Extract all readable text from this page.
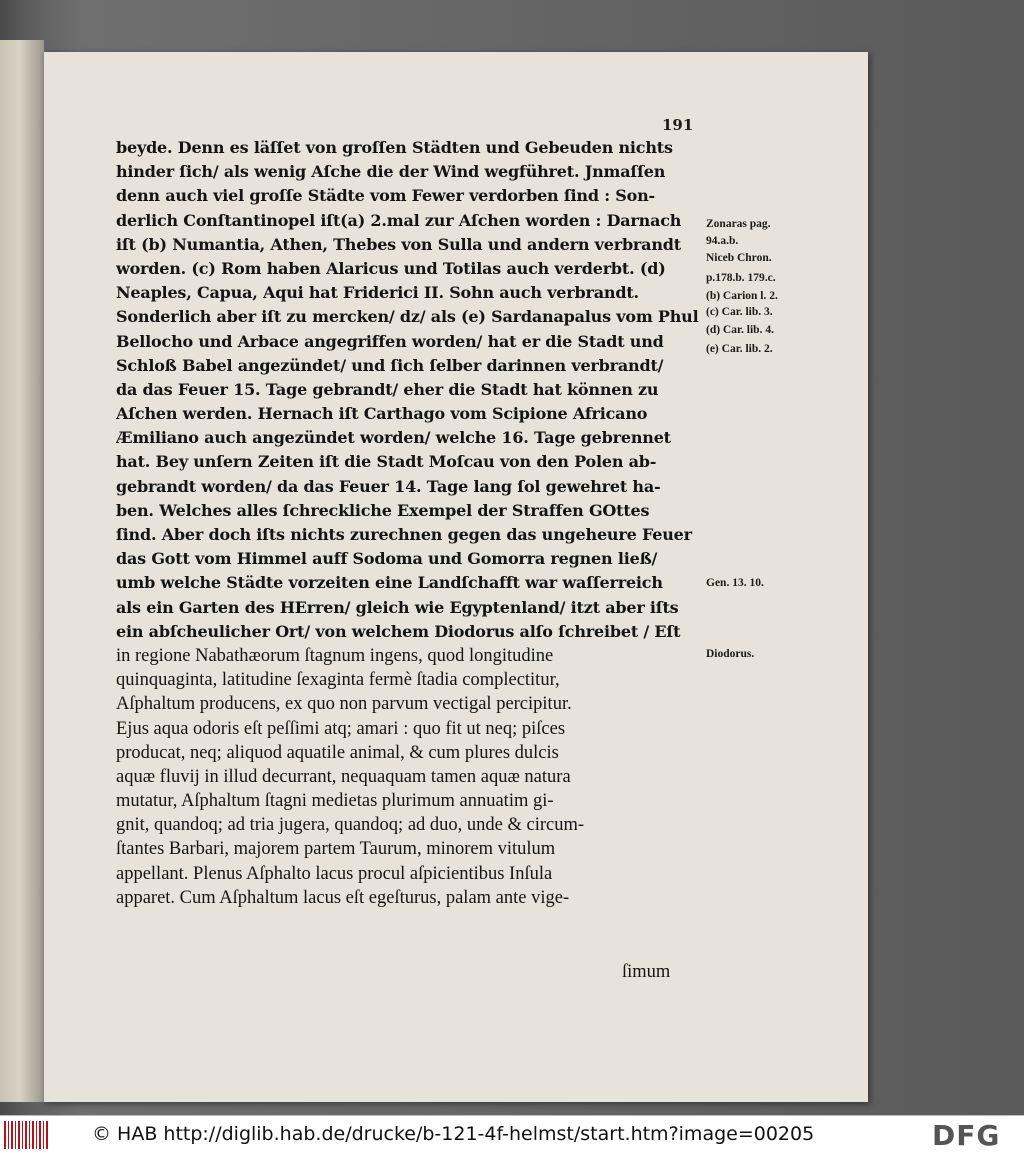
191
beyde. Denn es läſſet von groſſen Städten und Gebeuden nichts
hinder ſich/ als wenig Aſche die der Wind wegführet. Jnmaſſen
denn auch viel groſſe Städte vom Fewer verdorben ſind : Son-
derlich Conſtantinopel iſt(a) 2.mal zur Aſchen worden : Darnach
iſt (b) Numantia, Athen, Thebes von Sulla und andern verbrandt
worden. (c) Rom haben Alaricus und Totilas auch verderbt. (d)
Neaples, Capua, Aqui hat Friderici II. Sohn auch verbrandt.
Sonderlich aber iſt zu mercken/ dz/ als (e) Sardanapalus vom Phul
Bellocho und Arbace angegriffen worden/ hat er die Stadt und
Schloß Babel angezündet/ und ſich ſelber darinnen verbrandt/
da das Feuer 15. Tage gebrandt/ eher die Stadt hat können zu
Aſchen werden. Hernach iſt Carthago vom Scipione Africano
Æmiliano auch angezündet worden/ welche 16. Tage gebrennet
hat. Bey unſern Zeiten iſt die Stadt Moſcau von den Polen ab-
gebrandt worden/ da das Feuer 14. Tage lang ſol gewehret ha-
ben. Welches alles ſchreckliche Exempel der Straffen GOttes
ſind. Aber doch iſts nichts zurechnen gegen das ungeheure Feuer
das Gott vom Himmel auff Sodoma und Gomorra regnen ließ/
umb welche Städte vorzeiten eine Landſchafft war waſſerreich
als ein Garten des HErren/ gleich wie Egyptenland/ itzt aber iſts
ein abſcheulicher Ort/ von welchem Diodorus alſo ſchreibet / Eſt
in regione Nabathæorum ſtagnum ingens, quod longitudine
quinquaginta, latitudine ſexaginta fermè ſtadia complectitur,
Aſphaltum producens, ex quo non parvum vectigal percipitur.
Ejus aqua odoris eſt peſſimi atq; amari : quo fit ut neq; piſces
producat, neq; aliquod aquatile animal, & cum plures dulcis
aquæ fluvij in illud decurrant, nequaquam tamen aquæ natura
mutatur, Aſphaltum ſtagni medietas plurimum annuatim gi-
gnit, quandoq; ad tria jugera, quandoq; ad duo, unde & circum-
ſtantes Barbari, majorem partem Taurum, minorem vitulum
appellant. Plenus Aſphalto lacus procul aſpicientibus Inſula
apparet. Cum Aſphaltum lacus eſt egeſturus, palam ante vige-
Zonaras pag.
94.a.b.
Niceb Chron.
p.178.b. 179.c.
(b) Carion l. 2.
(c) Car. lib. 3.
(d) Car. lib. 4.
(e) Car. lib. 2.
Gen. 13. 10.
Diodorus.
ſimum
© HAB http://diglib.hab.de/drucke/b-121-4f-helmst/start.htm?image=00205	DFG
